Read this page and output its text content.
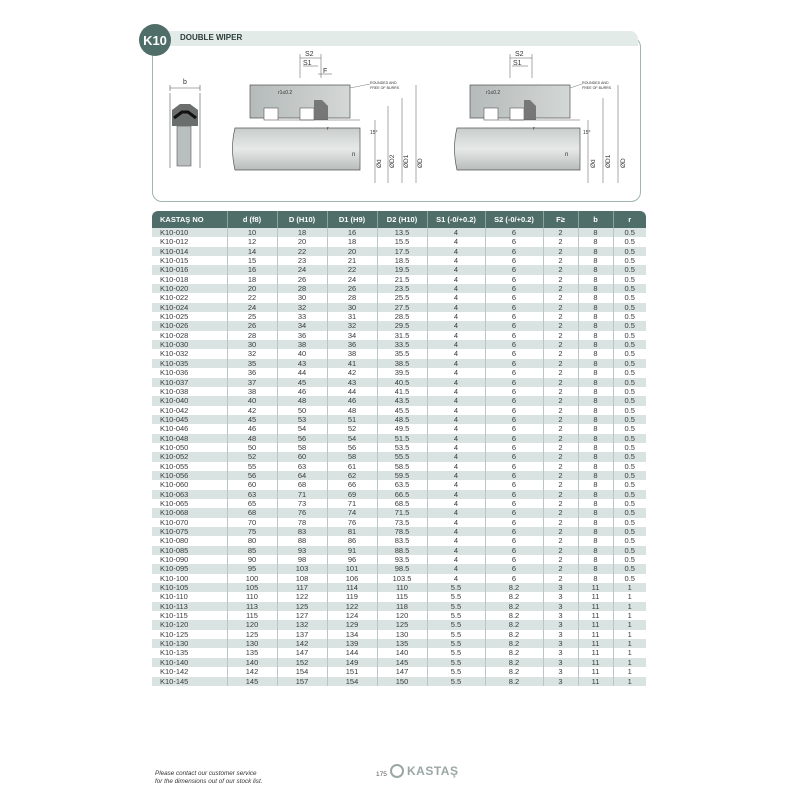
K10	DOUBLE WIPER
b
S2
S1
F
r1≤0.2
ROUNDED AND
FREE OF BURRS
15°
r
n
Ød ØD2 ØD1 ØD
S2
S1
r1≤0.2
ROUNDED AND
FREE OF BURRS
15°
r
n
Ød ØD1 ØD
KASTAŞ NO	d (f8)	D (H10)	D1 (H9)	D2 (H10)	S1 (-0/+0.2)	S2 (-0/+0.2)	F≥	b	r
K10-010	10	18	16	13.5	4	6	2	8	0.5
K10-012	12	20	18	15.5	4	6	2	8	0.5
K10-014	14	22	20	17.5	4	6	2	8	0.5
K10-015	15	23	21	18.5	4	6	2	8	0.5
K10-016	16	24	22	19.5	4	6	2	8	0.5
K10-018	18	26	24	21.5	4	6	2	8	0.5
K10-020	20	28	26	23.5	4	6	2	8	0.5
K10-022	22	30	28	25.5	4	6	2	8	0.5
K10-024	24	32	30	27.5	4	6	2	8	0.5
K10-025	25	33	31	28.5	4	6	2	8	0.5
K10-026	26	34	32	29.5	4	6	2	8	0.5
K10-028	28	36	34	31.5	4	6	2	8	0.5
K10-030	30	38	36	33.5	4	6	2	8	0.5
K10-032	32	40	38	35.5	4	6	2	8	0.5
K10-035	35	43	41	38.5	4	6	2	8	0.5
K10-036	36	44	42	39.5	4	6	2	8	0.5
K10-037	37	45	43	40.5	4	6	2	8	0.5
K10-038	38	46	44	41.5	4	6	2	8	0.5
K10-040	40	48	46	43.5	4	6	2	8	0.5
K10-042	42	50	48	45.5	4	6	2	8	0.5
K10-045	45	53	51	48.5	4	6	2	8	0.5
K10-046	46	54	52	49.5	4	6	2	8	0.5
K10-048	48	56	54	51.5	4	6	2	8	0.5
K10-050	50	58	56	53.5	4	6	2	8	0.5
K10-052	52	60	58	55.5	4	6	2	8	0.5
K10-055	55	63	61	58.5	4	6	2	8	0.5
K10-056	56	64	62	59.5	4	6	2	8	0.5
K10-060	60	68	66	63.5	4	6	2	8	0.5
K10-063	63	71	69	66.5	4	6	2	8	0.5
K10-065	65	73	71	68.5	4	6	2	8	0.5
K10-068	68	76	74	71.5	4	6	2	8	0.5
K10-070	70	78	76	73.5	4	6	2	8	0.5
K10-075	75	83	81	78.5	4	6	2	8	0.5
K10-080	80	88	86	83.5	4	6	2	8	0.5
K10-085	85	93	91	88.5	4	6	2	8	0.5
K10-090	90	98	96	93.5	4	6	2	8	0.5
K10-095	95	103	101	98.5	4	6	2	8	0.5
K10-100	100	108	106	103.5	4	6	2	8	0.5
K10-105	105	117	114	110	5.5	8.2	3	11	1
K10-110	110	122	119	115	5.5	8.2	3	11	1
K10-113	113	125	122	118	5.5	8.2	3	11	1
K10-115	115	127	124	120	5.5	8.2	3	11	1
K10-120	120	132	129	125	5.5	8.2	3	11	1
K10-125	125	137	134	130	5.5	8.2	3	11	1
K10-130	130	142	139	135	5.5	8.2	3	11	1
K10-135	135	147	144	140	5.5	8.2	3	11	1
K10-140	140	152	149	145	5.5	8.2	3	11	1
K10-142	142	154	151	147	5.5	8.2	3	11	1
K10-145	145	157	154	150	5.5	8.2	3	11	1
Please contact our customer service
for the dimensions out of our stock list.
175 KASTAŞ
